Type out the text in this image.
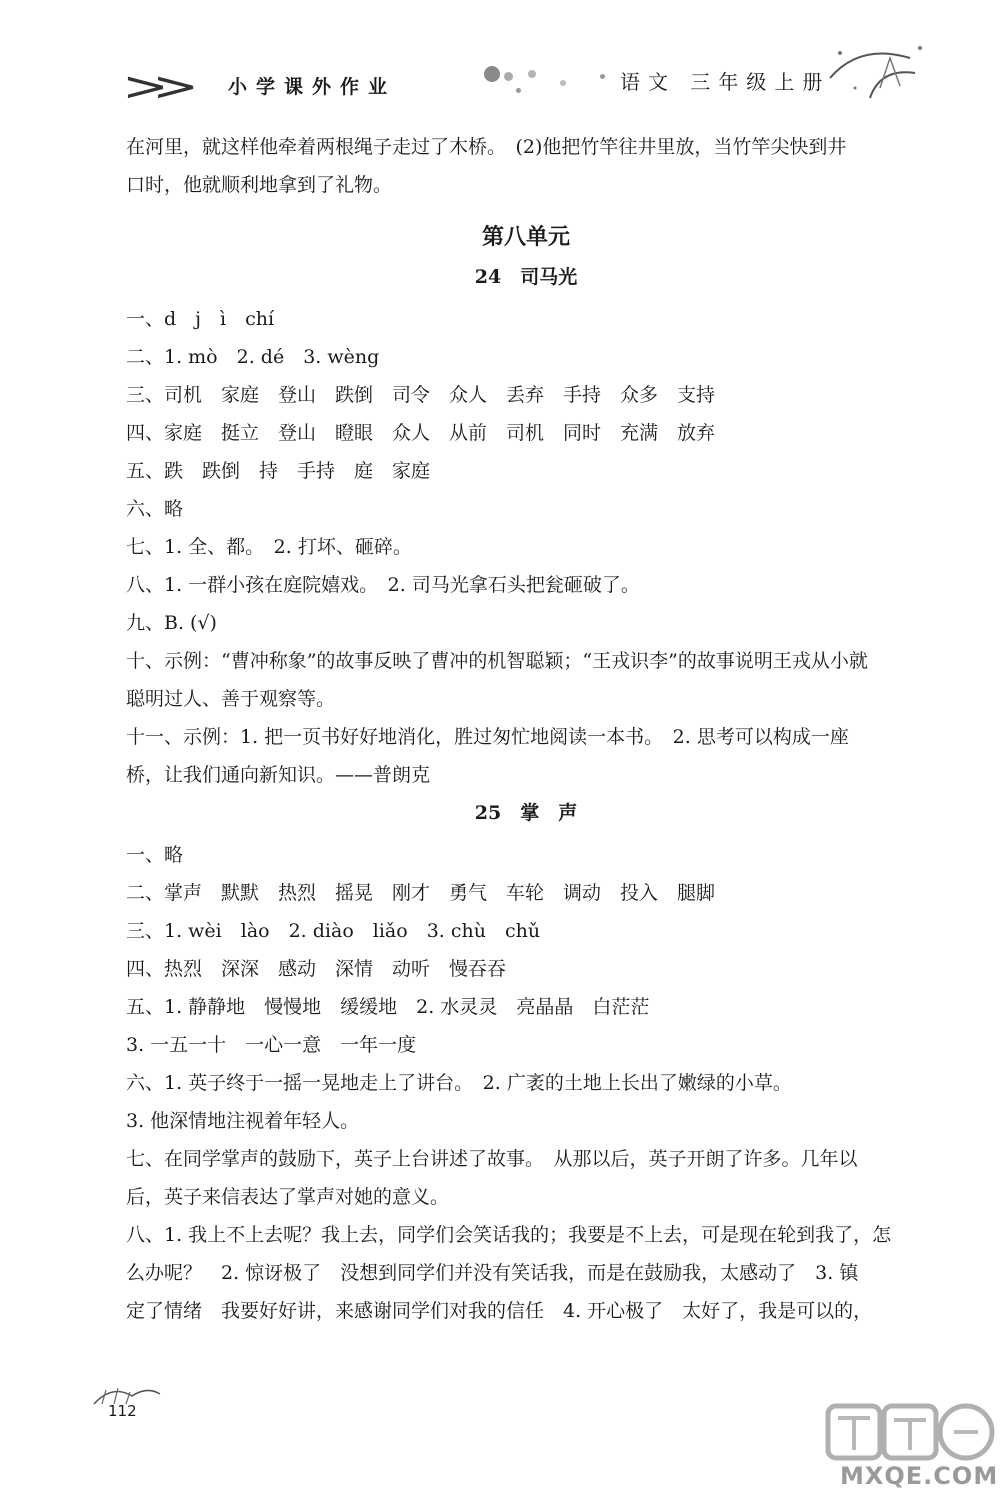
>> 小学课外作业	语文 三年级上册
在河里，就这样他牵着两根绳子走过了木桥。　(2)他把竹竿往井里放，当竹竿尖快到井
口时，他就顺利地拿到了礼物。
第八单元
24　司马光
一、d　j　ì　chí
二、1. mò　2. dé　3. wèng
三、司机　家庭　登山　跌倒　司令　众人　丢弃　手持　众多　支持
四、家庭　挺立　登山　瞪眼　众人　从前　司机　同时　充满　放弃
五、跌　跌倒　持　手持　庭　家庭
六、略
七、1. 全、都。　2. 打坏、砸碎。
八、1. 一群小孩在庭院嬉戏。　2. 司马光拿石头把瓮砸破了。
九、B. (√)
十、示例：“曹冲称象”的故事反映了曹冲的机智聪颖；“王戎识李”的故事说明王戎从小就
聪明过人、善于观察等。
十一、示例：1. 把一页书好好地消化，胜过匆忙地阅读一本书。　2. 思考可以构成一座
桥，让我们通向新知识。——普朗克
25　掌　声
一、略
二、掌声　默默　热烈　摇晃　刚才　勇气　车轮　调动　投入　腿脚
三、1. wèi　lào　2. diào　liǎo　3. chù　chǔ
四、热烈　深深　感动　深情　动听　慢吞吞
五、1. 静静地　慢慢地　缓缓地　2. 水灵灵　亮晶晶　白茫茫
3. 一五一十　一心一意　一年一度
六、1. 英子终于一摇一晃地走上了讲台。　2. 广袤的土地上长出了嫩绿的小草。
3. 他深情地注视着年轻人。
七、在同学掌声的鼓励下，英子上台讲述了故事。　从那以后，英子开朗了许多。几年以
后，英子来信表达了掌声对她的意义。
八、1. 我上不上去呢？我上去，同学们会笑话我的；我要是不上去，可是现在轮到我了，怎
么办呢？　2. 惊讶极了　没想到同学们并没有笑话我，而是在鼓励我，太感动了　3. 镇
定了情绪　我要好好讲，来感谢同学们对我的信任　4. 开心极了　太好了，我是可以的，
112
MXQE.COM
